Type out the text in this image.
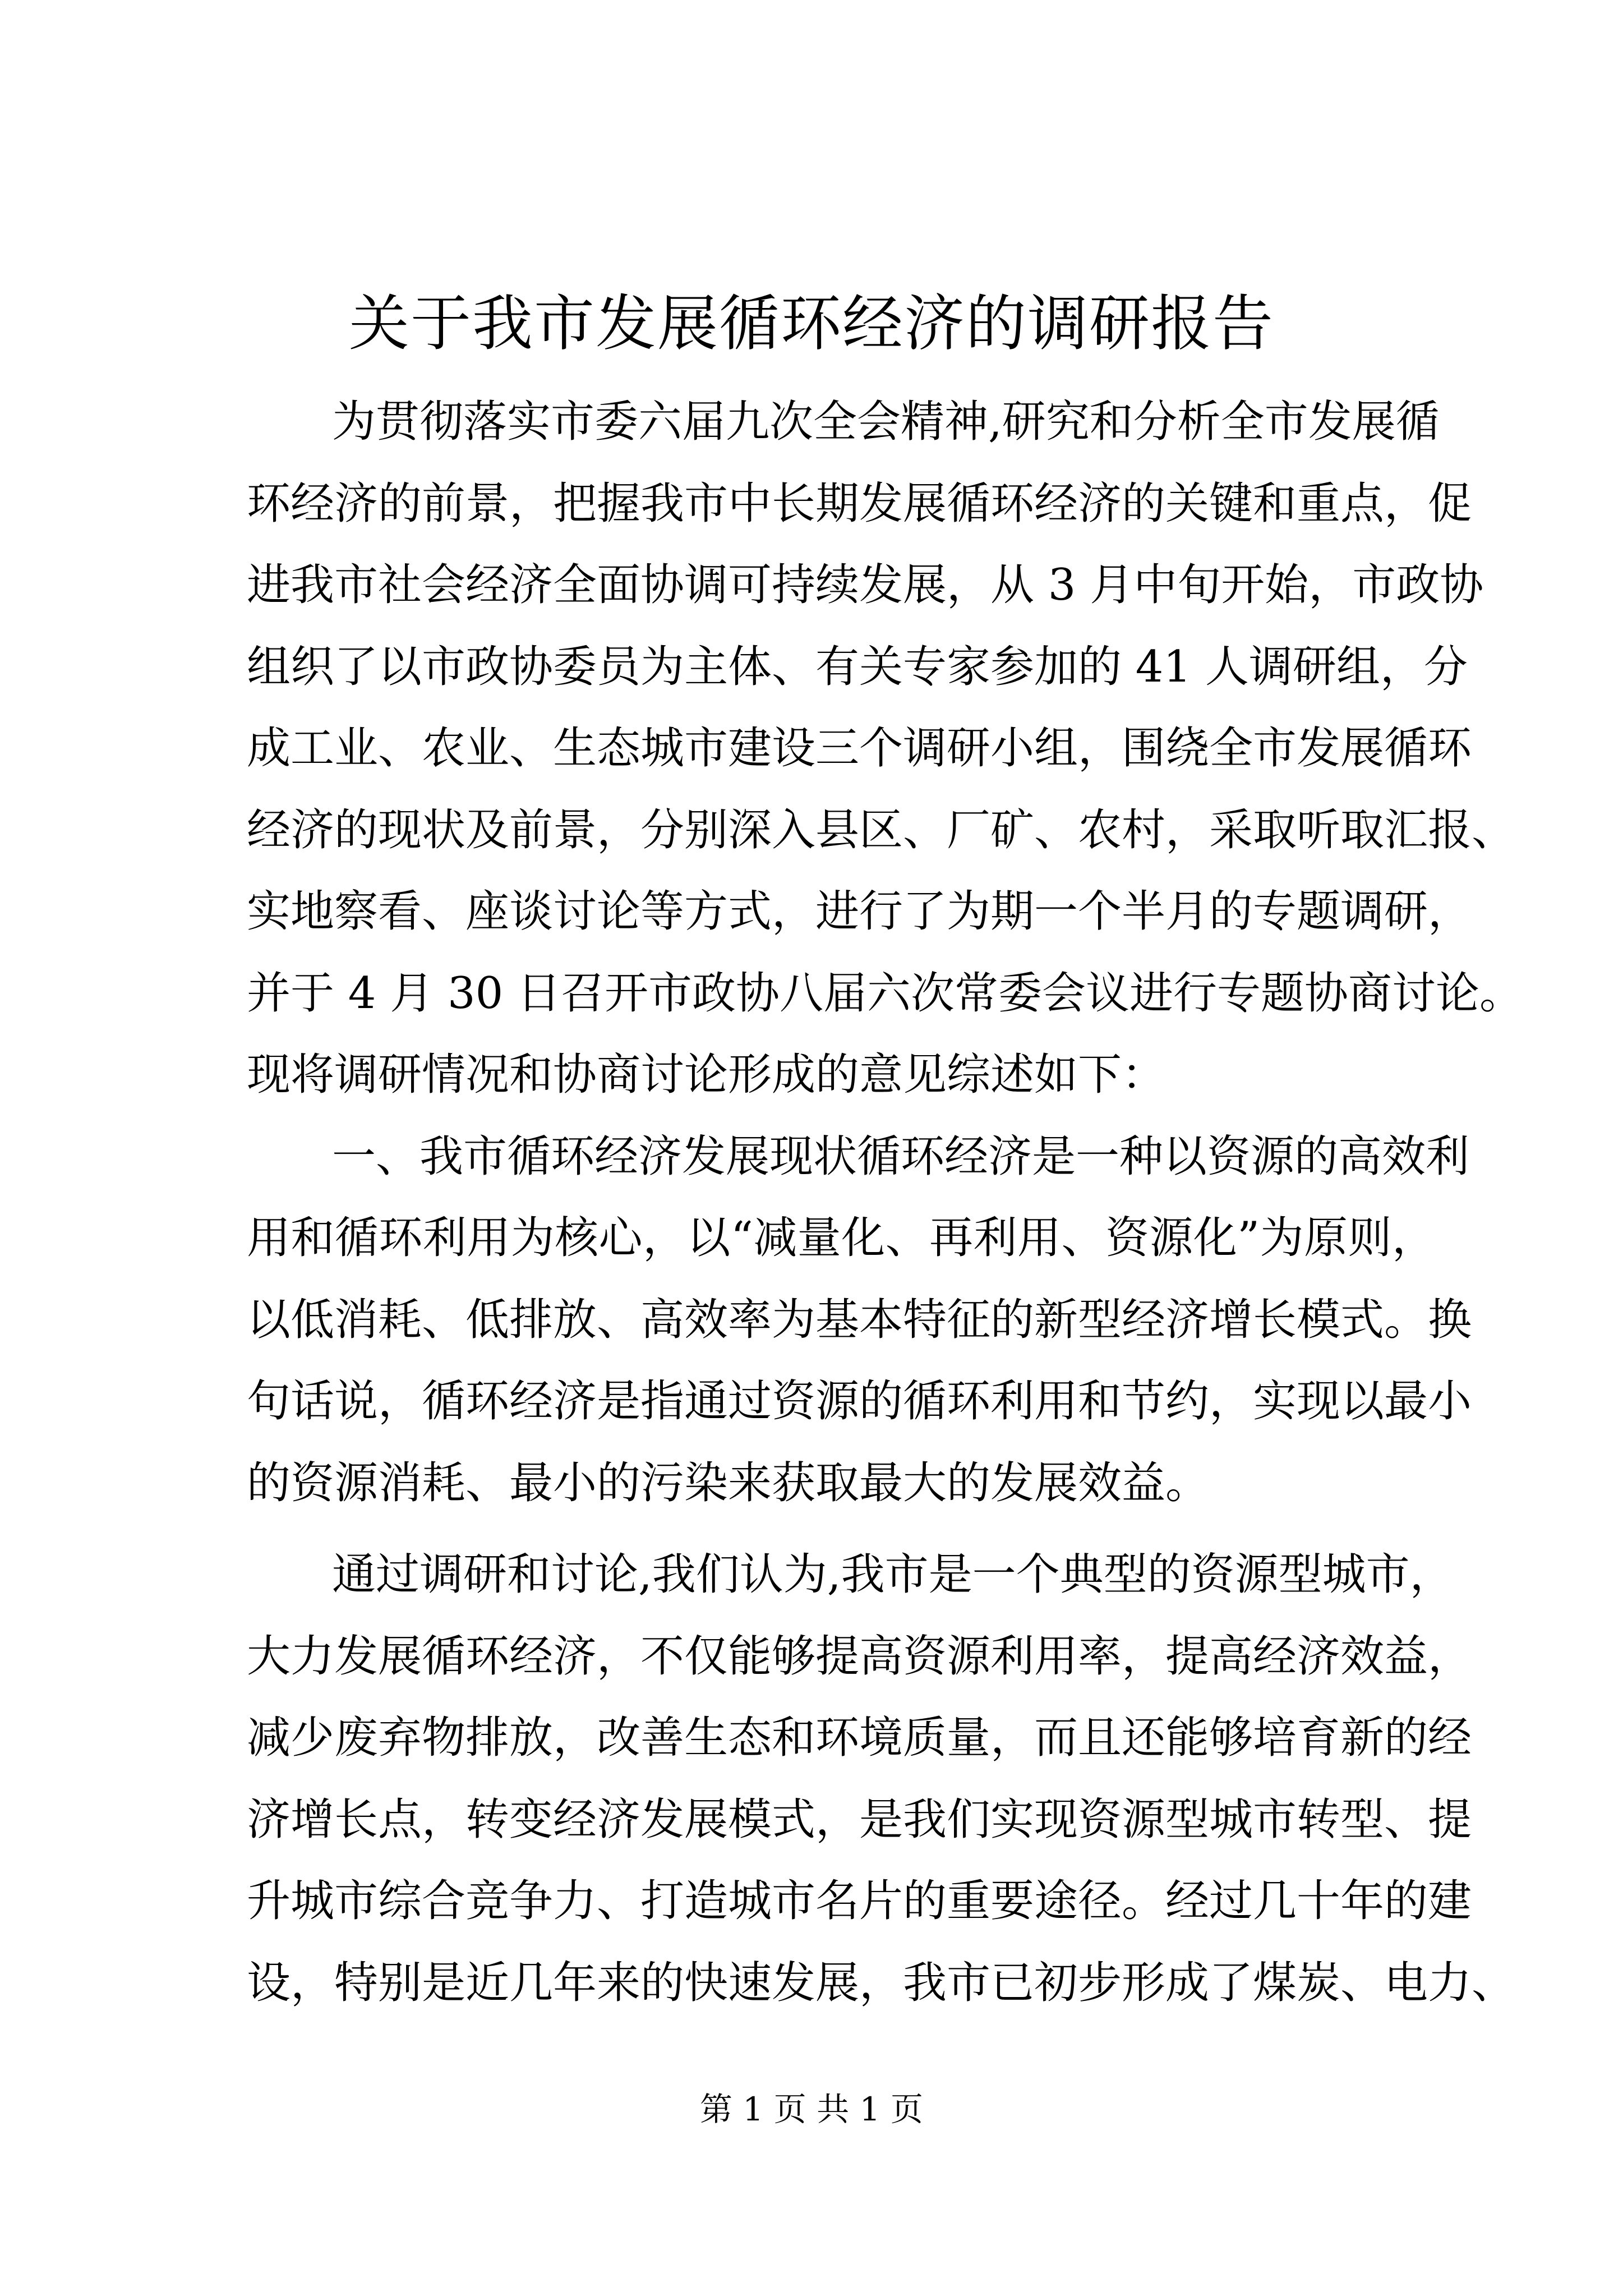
关于我市发展循环经济的调研报告
为贯彻落实市委六届九次全会精神,研究和分析全市发展循
环经济的前景，把握我市中长期发展循环经济的关键和重点，促
进我市社会经济全面协调可持续发展，从 3 月中旬开始，市政协
组织了以市政协委员为主体、有关专家参加的 41 人调研组，分
成工业、农业、生态城市建设三个调研小组，围绕全市发展循环
经济的现状及前景，分别深入县区、厂矿、农村，采取听取汇报、
实地察看、座谈讨论等方式，进行了为期一个半月的专题调研，
并于 4 月 30 日召开市政协八届六次常委会议进行专题协商讨论。
现将调研情况和协商讨论形成的意见综述如下：
一、我市循环经济发展现状循环经济是一种以资源的高效利
用和循环利用为核心，以“减量化、再利用、资源化”为原则，
以低消耗、低排放、高效率为基本特征的新型经济增长模式。换
句话说，循环经济是指通过资源的循环利用和节约，实现以最小
的资源消耗、最小的污染来获取最大的发展效益。
通过调研和讨论,我们认为,我市是一个典型的资源型城市，
大力发展循环经济，不仅能够提高资源利用率，提高经济效益，
减少废弃物排放，改善生态和环境质量，而且还能够培育新的经
济增长点，转变经济发展模式，是我们实现资源型城市转型、提
升城市综合竞争力、打造城市名片的重要途径。经过几十年的建
设，特别是近几年来的快速发展，我市已初步形成了煤炭、电力、
第 1 页 共 1 页
